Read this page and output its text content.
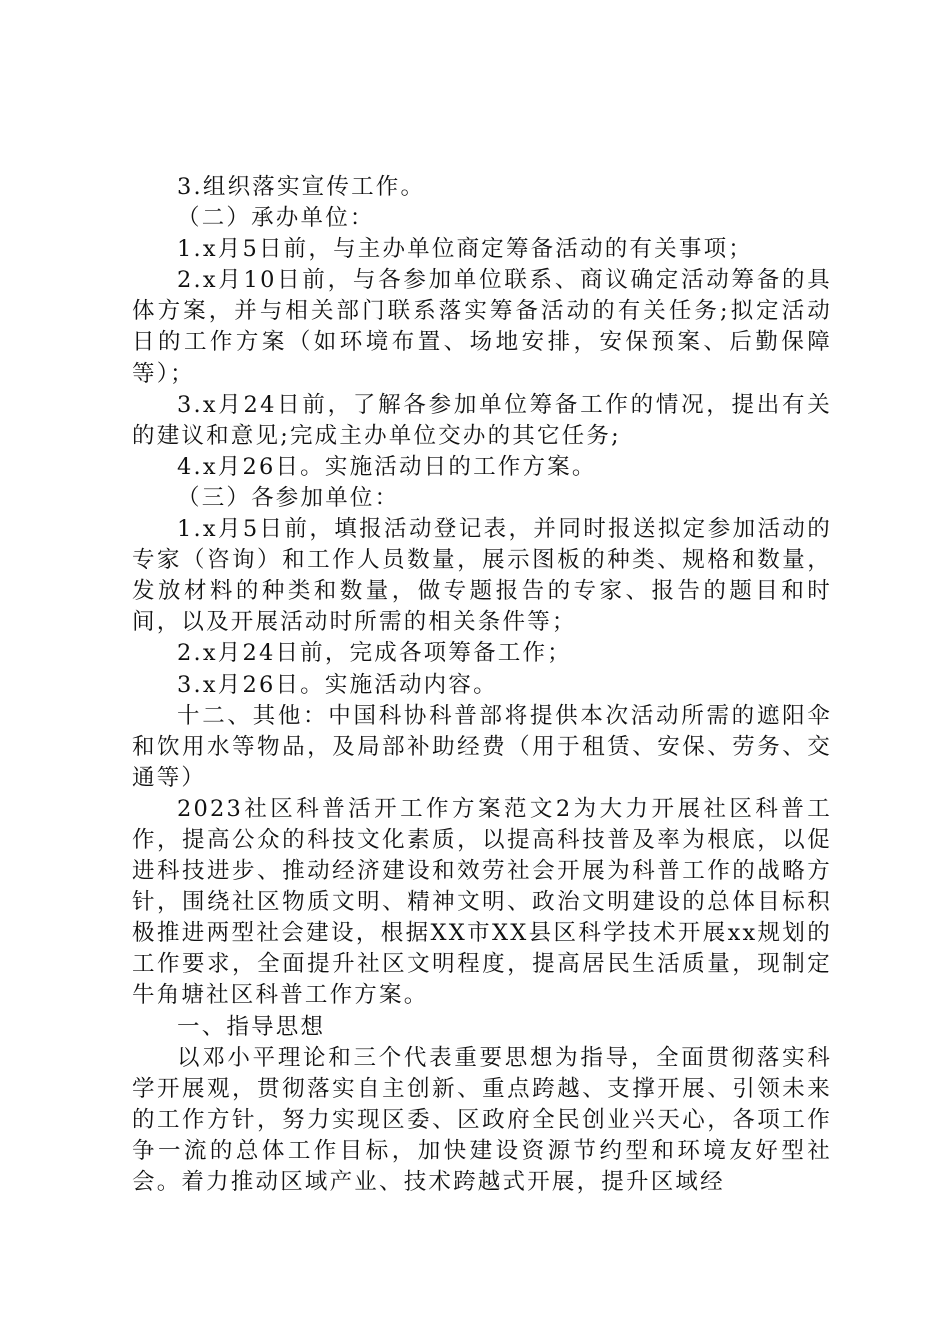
3.组织落实宣传工作。

（二）承办单位：

1.x月5日前，与主办单位商定筹备活动的有关事项；

2.x月10日前，与各参加单位联系、商议确定活动筹备的具体方案，并与相关部门联系落实筹备活动的有关任务;拟定活动日的工作方案（如环境布置、场地安排，安保预案、后勤保障等）；

3.x月24日前，了解各参加单位筹备工作的情况，提出有关的建议和意见;完成主办单位交办的其它任务;

4.x月26日。实施活动日的工作方案。

（三）各参加单位：

1.x月5日前，填报活动登记表，并同时报送拟定参加活动的专家（咨询）和工作人员数量，展示图板的种类、规格和数量，发放材料的种类和数量，做专题报告的专家、报告的题目和时间，以及开展活动时所需的相关条件等；

2.x月24日前，完成各项筹备工作；

3.x月26日。实施活动内容。

十二、其他：中国科协科普部将提供本次活动所需的遮阳伞和饮用水等物品，及局部补助经费（用于租赁、安保、劳务、交通等）

2023社区科普活开工作方案范文2为大力开展社区科普工作，提高公众的科技文化素质，以提高科技普及率为根底，以促进科技进步、推动经济建设和效劳社会开展为科普工作的战略方针，围绕社区物质文明、精神文明、政治文明建设的总体目标积极推进两型社会建设，根据XX市XX县区科学技术开展xx规划的工作要求，全面提升社区文明程度，提高居民生活质量，现制定牛角塘社区科普工作方案。

一、指导思想

以邓小平理论和三个代表重要思想为指导，全面贯彻落实科学开展观，贯彻落实自主创新、重点跨越、支撑开展、引领未来的工作方针，努力实现区委、区政府全民创业兴天心，各项工作争一流的总体工作目标，加快建设资源节约型和环境友好型社会。着力推动区域产业、技术跨越式开展，提升区域经
